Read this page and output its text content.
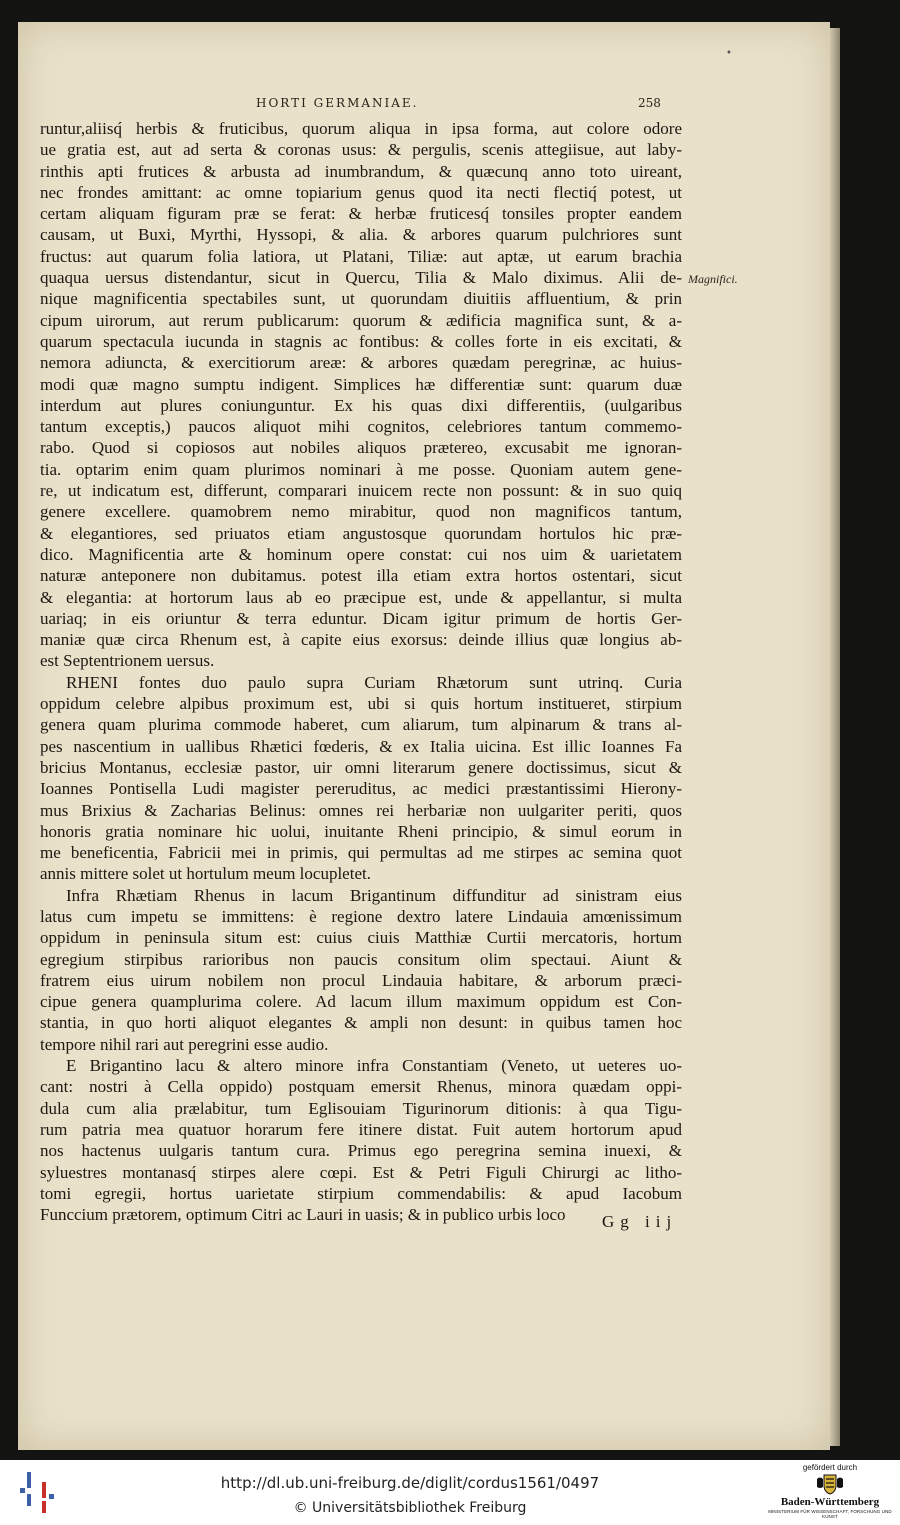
•
HORTI GERMANIAE.	258
runtur,aliisq́ herbis & fruticibus, quorum aliqua in ipsa forma, aut colore odore
ue gratia est, aut ad serta & coronas usus: & pergulis, scenis attegiisue, aut laby-
rinthis apti frutices & arbusta ad inumbrandum, & quæcunq anno toto uireant,
nec frondes amittant: ac omne topiarium genus quod ita necti flectiq́ potest, ut
certam aliquam figuram præ se ferat: & herbæ fruticesq́ tonsiles propter eandem
causam, ut Buxi, Myrthi, Hyssopi, & alia. & arbores quarum pulchriores sunt
fructus: aut quarum folia latiora, ut Platani, Tiliæ: aut aptæ, ut earum brachia
quaqua uersus distendantur, sicut in Quercu, Tilia & Malo diximus. Alii de-
nique magnificentia spectabiles sunt, ut quorundam diuitiis affluentium, & prin
cipum uirorum, aut rerum publicarum: quorum & ædificia magnifica sunt, & a-
quarum spectacula iucunda in stagnis ac fontibus: & colles forte in eis excitati, &
nemora adiuncta, & exercitiorum areæ: & arbores quædam peregrinæ, ac huius-
modi quæ magno sumptu indigent. Simplices hæ differentiæ sunt: quarum duæ
interdum aut plures coniunguntur. Ex his quas dixi differentiis, (uulgaribus
tantum exceptis,) paucos aliquot mihi cognitos, celebriores tantum commemo-
rabo. Quod si copiosos aut nobiles aliquos prætereo, excusabit me ignoran-
tia. optarim enim quam plurimos nominari à me posse. Quoniam autem gene-
re, ut indicatum est, differunt, comparari inuicem recte non possunt: & in suo quiq
genere excellere. quamobrem nemo mirabitur, quod non magnificos tantum,
& elegantiores, sed priuatos etiam angustosque quorundam hortulos hic præ-
dico. Magnificentia arte & hominum opere constat: cui nos uim & uarietatem
naturæ anteponere non dubitamus. potest illa etiam extra hortos ostentari, sicut
& elegantia: at hortorum laus ab eo præcipue est, unde & appellantur, si multa
uariaq; in eis oriuntur & terra eduntur. Dicam igitur primum de hortis Ger-
maniæ quæ circa Rhenum est, à capite eius exorsus: deinde illius quæ longius ab-
est Septentrionem uersus.
RHENI fontes duo paulo supra Curiam Rhætorum sunt utrinq. Curia
oppidum celebre alpibus proximum est, ubi si quis hortum institueret, stirpium
genera quam plurima commode haberet, cum aliarum, tum alpinarum & trans al-
pes nascentium in uallibus Rhætici fœderis, & ex Italia uicina. Est illic Ioannes Fa
bricius Montanus, ecclesiæ pastor, uir omni literarum genere doctissimus, sicut &
Ioannes Pontisella Ludi magister pereruditus, ac medici præstantissimi Hierony-
mus Brixius & Zacharias Belinus: omnes rei herbariæ non uulgariter periti, quos
honoris gratia nominare hic uolui, inuitante Rheni principio, & simul eorum in
me beneficentia, Fabricii mei in primis, qui permultas ad me stirpes ac semina quot
annis mittere solet ut hortulum meum locupletet.
Infra Rhætiam Rhenus in lacum Brigantinum diffunditur ad sinistram eius
latus cum impetu se immittens: è regione dextro latere Lindauia amœnissimum
oppidum in peninsula situm est: cuius ciuis Matthiæ Curtii mercatoris, hortum
egregium stirpibus rarioribus non paucis consitum olim spectaui. Aiunt &
fratrem eius uirum nobilem non procul Lindauia habitare, & arborum præci-
cipue genera quamplurima colere. Ad lacum illum maximum oppidum est Con-
stantia, in quo horti aliquot elegantes & ampli non desunt: in quibus tamen hoc
tempore nihil rari aut peregrini esse audio.
E Brigantino lacu & altero minore infra Constantiam (Veneto, ut ueteres uo-
cant: nostri à Cella oppido) postquam emersit Rhenus, minora quædam oppi-
dula cum alia prælabitur, tum Eglisouiam Tigurinorum ditionis: à qua Tigu-
rum patria mea quatuor horarum fere itinere distat. Fuit autem hortorum apud
nos hactenus uulgaris tantum cura. Primus ego peregrina semina inuexi, &
syluestres montanasq́ stirpes alere cœpi. Est & Petri Figuli Chirurgi ac litho-
tomi egregii, hortus uarietate stirpium commendabilis: & apud Iacobum
Funccium prætorem, optimum Citri ac Lauri in uasis; & in publico urbis loco
Magnifici.
Gg iij
http://dl.ub.uni-freiburg.de/diglit/cordus1561/0497
© Universitätsbibliothek Freiburg
gefördert durch
Baden-Württemberg
MINISTERIUM FÜR WISSENSCHAFT, FORSCHUNG UND KUNST
